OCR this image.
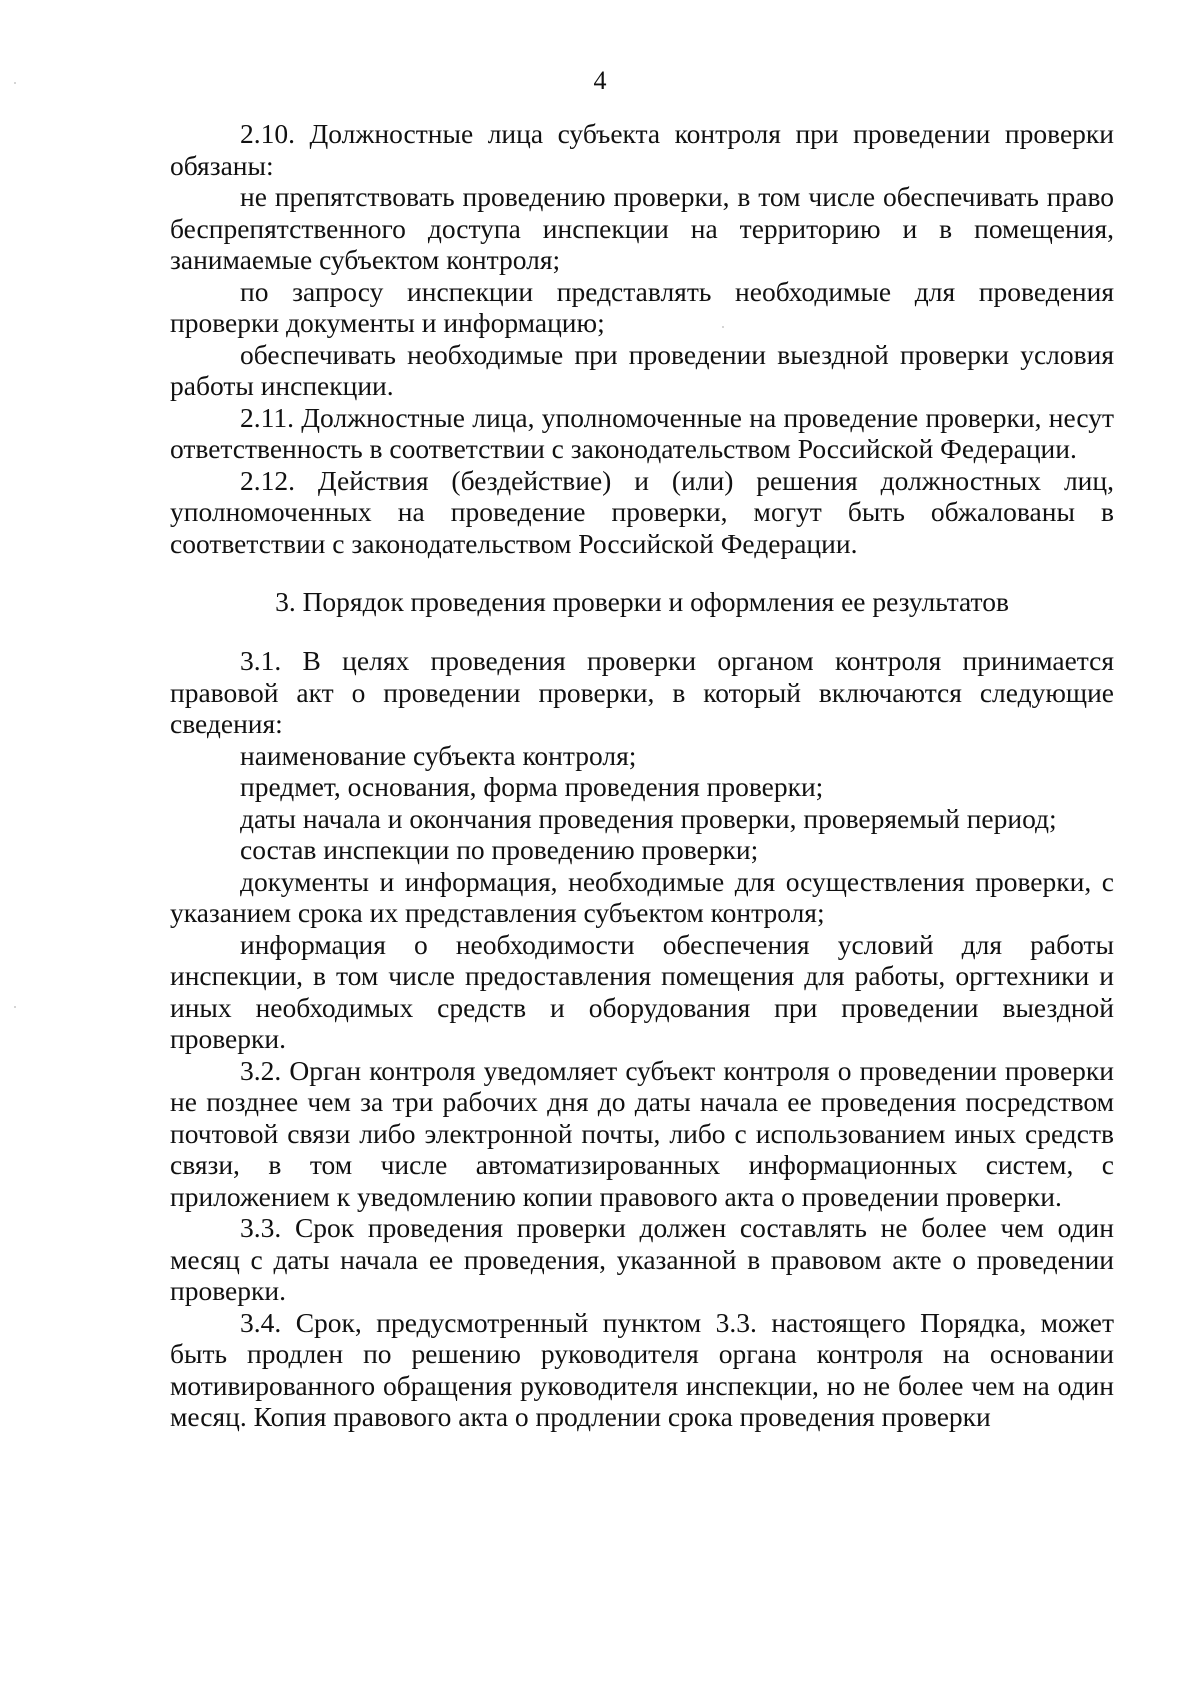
4

2.10. Должностные лица субъекта контроля при проведении проверки обязаны:

не препятствовать проведению проверки, в том числе обеспечивать право беспрепятственного доступа инспекции на территорию и в помещения, занимаемые субъектом контроля;

по запросу инспекции представлять необходимые для проведения проверки документы и информацию;

обеспечивать необходимые при проведении выездной проверки условия работы инспекции.

2.11. Должностные лица, уполномоченные на проведение проверки, несут ответственность в соответствии с законодательством Российской Федерации.

2.12. Действия (бездействие) и (или) решения должностных лиц, уполномоченных на проведение проверки, могут быть обжалованы в соответствии с законодательством Российской Федерации.

3. Порядок проведения проверки и оформления ее результатов

3.1. В целях проведения проверки органом контроля принимается правовой акт о проведении проверки, в который включаются следующие сведения:

наименование субъекта контроля;

предмет, основания, форма проведения проверки;

даты начала и окончания проведения проверки, проверяемый период;

состав инспекции по проведению проверки;

документы и информация, необходимые для осуществления проверки, с указанием срока их представления субъектом контроля;

информация о необходимости обеспечения условий для работы инспекции, в том числе предоставления помещения для работы, оргтехники и иных необходимых средств и оборудования при проведении выездной проверки.

3.2. Орган контроля уведомляет субъект контроля о проведении проверки не позднее чем за три рабочих дня до даты начала ее проведения посредством почтовой связи либо электронной почты, либо с использованием иных средств связи, в том числе автоматизированных информационных систем, с приложением к уведомлению копии правового акта о проведении проверки.

3.3. Срок проведения проверки должен составлять не более чем один месяц с даты начала ее проведения, указанной в правовом акте о проведении проверки.

3.4. Срок, предусмотренный пунктом 3.3. настоящего Порядка, может быть продлен по решению руководителя органа контроля на основании мотивированного обращения руководителя инспекции, но не более чем на один месяц. Копия правового акта о продлении срока проведения проверки
